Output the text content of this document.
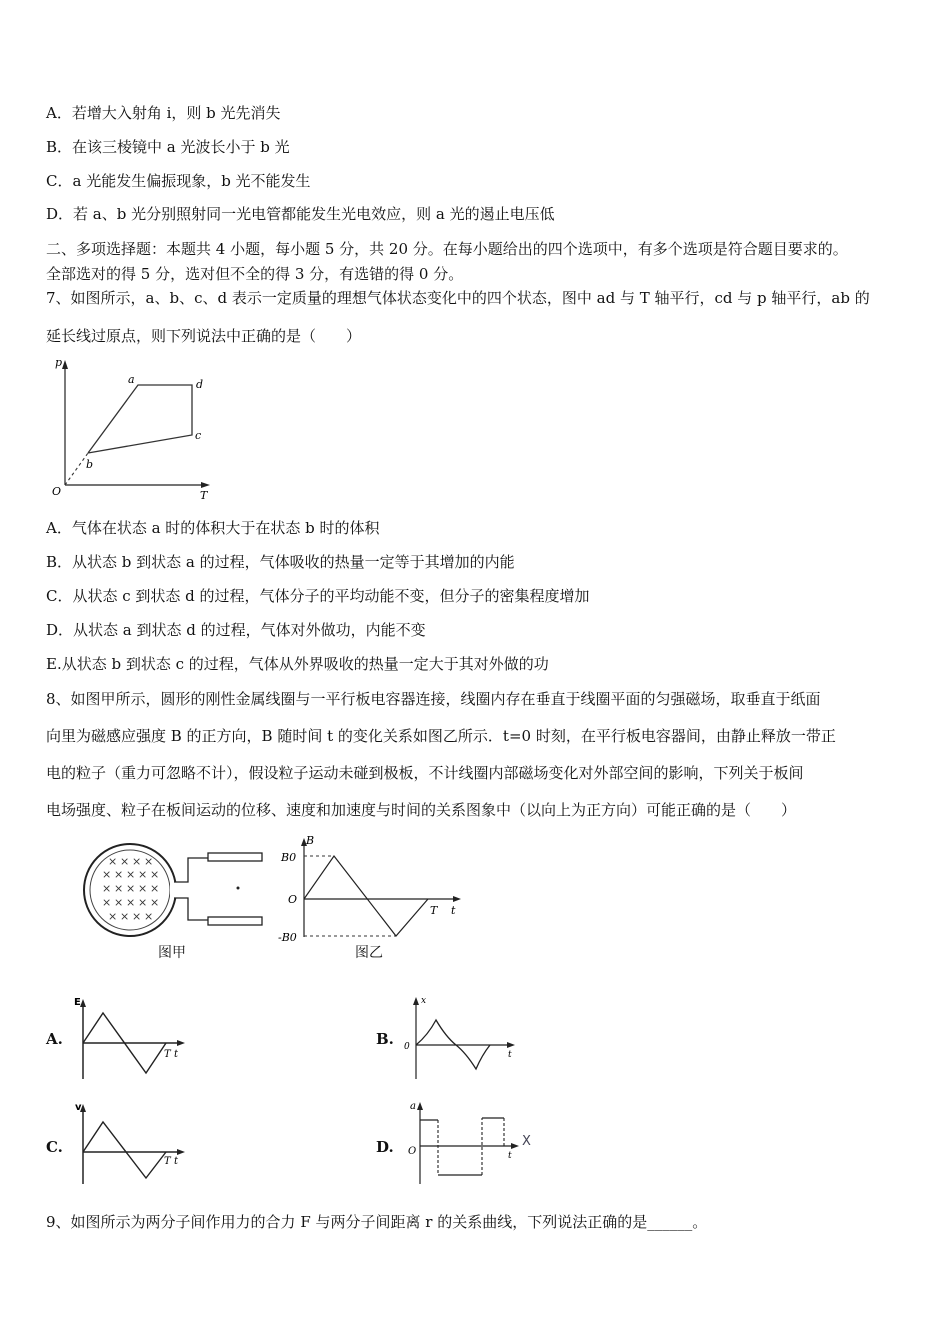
A．若增大入射角 i，则 b 光先消失
B．在该三棱镜中 a 光波长小于 b 光
C．a 光能发生偏振现象，b 光不能发生
D．若 a、b 光分别照射同一光电管都能发生光电效应，则 a 光的遏止电压低
二、多项选择题：本题共 4 小题，每小题 5 分，共 20 分。在每小题给出的四个选项中，有多个选项是符合题目要求的。
全部选对的得 5 分，选对但不全的得 3 分，有选错的得 0 分。
7、如图所示，a、b、c、d 表示一定质量的理想气体状态变化中的四个状态，图中 ad 与 T 轴平行，cd 与 p 轴平行，ab 的
延长线过原点，则下列说法中正确的是（　　）
p
T
O
a
b
c
d
A．气体在状态 a 时的体积大于在状态 b 时的体积
B．从状态 b 到状态 a 的过程，气体吸收的热量一定等于其增加的内能
C．从状态 c 到状态 d 的过程，气体分子的平均动能不变，但分子的密集程度增加
D．从状态 a 到状态 d 的过程，气体对外做功，内能不变
E.从状态 b 到状态 c 的过程，气体从外界吸收的热量一定大于其对外做的功
8、如图甲所示，圆形的刚性金属线圈与一平行板电容器连接，线圈内存在垂直于线圈平面的匀强磁场，取垂直于纸面
向里为磁感应强度 B 的正方向，B 随时间 t 的变化关系如图乙所示．t=0 时刻，在平行板电容器间，由静止释放一带正
电的粒子（重力可忽略不计），假设粒子运动未碰到极板，不计线圈内部磁场变化对外部空间的影响，下列关于板间
电场强度、粒子在板间运动的位移、速度和加速度与时间的关系图象中（以向上为正方向）可能正确的是（　　）
× × × ×
× × × × ×
× × × × ×
× × × × ×
× × × ×
图甲
B
B0
-B0
O
T t
图乙
A.
E
T t
B.
x
0
t
C.
v
T t
D.
a
O	t
X
9、如图所示为两分子间作用力的合力 F 与两分子间距离 r 的关系曲线，下列说法正确的是______。
